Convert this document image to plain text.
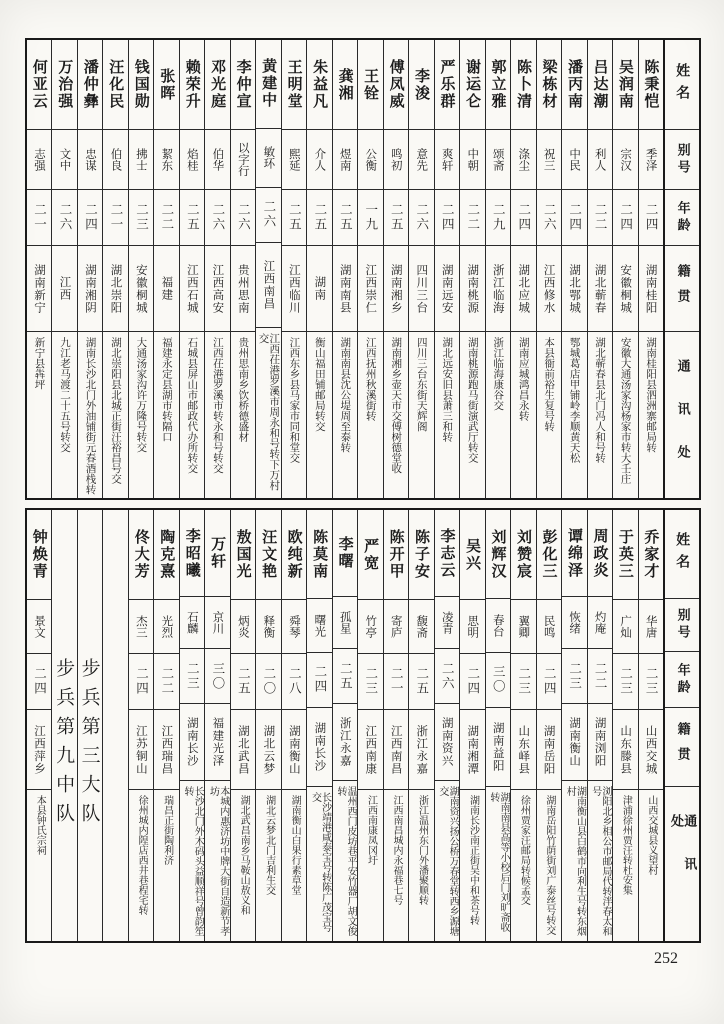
姓名
别号
年龄
籍贯
通讯处
陈秉恺
季泽
二四
湖南桂阳
湖南桂阳县泗洲寨邮局转
吴润南
宗汉
二四
安徽桐城
安徽大通汤家沟杨家市转大壬庄
吕达潮
利人
二二
湖北蕲春
湖北蕲春县北门冯人和号转
潘丙南
中民
二四
湖北鄂城
鄂城葛店甲铺岭李顺黄天松
梁栋材
祝三
二六
江西修水
本县衙前裕生复号转
陈卜清
涤尘
二四
湖北应城
湖南应城鸿昌永转
郭立雅
颂斋
二九
浙江临海
浙江临海康谷交
谢运仑
中朝
二二
湖南桃源
湖南桃源跑马街演武厅转交
严乐群
爽轩
二四
湖南远安
湖北远安旧县萧三和转
李浚
意先
二六
四川三台
四川三台东街天辉阁
傅凤威
鸣初
二五
湖南湘乡
湖南湘乡壶天市交傅树德堂收
王铨
公衡
一九
江西崇仁
江西抚州秋溪街转
龚湘
煜南
二五
湖南南县
湖南南县沈公堤周至泰转
朱益凡
介人
二五
湖南
衡山福田铺邮局转交
王明堂
熙延
二五
江西临川
江西东乡县马家市同和堂交
黄建中
敏环
二六
江西南昌
江西茌港罗溪市周永和号转下万村交
李仲宣
以字行
二六
贵州思南
贵州思南乡饮桥德盛材
邓光庭
伯华
二六
江西高安
江西茌港罗溪市转永和号转交
赖荣升
焰桂
二五
江西石城
石城县屏山市邮政代办所转交
张晖
絜东
二二
福建
福建永定县湖市转隔口
钱国勋
拂士
二三
安徽桐城
大通汤家沟许万隆号转交
汪化民
伯良
二一
湖北崇阳
湖北崇阳县北城正街汪裕昌号交
潘仲彝
忠谋
二四
湖南湘阴
湖南长沙北门外油铺街元春酒栈转
万治强
文中
二六
江西
九江老马渡二十五号转交
何亚云
志强
二一
湖南新宁
新宁县犇坪
姓名
别号
年龄
籍贯
通讯处
乔家才
华唐
二三
山西交城
山西交城县义望村
于英三
广灿
二三
山东滕县
津浦徐州贾汪转杜安集
周政炎
灼庵
二二
湖南浏阳
浏阳北乡相公市邮局代转泮春太和号
谭绵泽
恢绪
二三
湖南衡山
湖南衡山县白鹤市向利生号转东烟村
彭化三
民鸣
二四
湖南岳阳
湖南岳阳竹荫街刘广泰丝号转交
刘赞宸
翼卿
二三
山东峄县
徐州贾家汪邮局转候孟交
刘辉汉
春台
三〇
湖南益阳
湖南南县高等小校后门刘旷斋收转
吴兴
思明
二四
湖南湘潭
湖南长沙南正街吴中和茶号转
李志云
凌青
二六
湖南资兴
湖南资兴扬公桥万春堂转西乡源塘交
陈子安
馥斋
二五
浙江永嘉
浙江温州东门外潘聚顺转
陈开甲
寄庐
二一
江西南昌
江西南昌城内永福巷七号
严宽
竹亭
二三
江西南康
江西南康凤冈圩
李曙
孤星
二五
浙江永嘉
温州西门皮坊巷平安竹器厂胡文俊转
陈莫南
曙光
二四
湖南长沙
长沙靖港咸泰宝号转陈广茂宝号交
欧纯新
舜琴
二八
湖南衡山
湖南衡山白果行素草堂
汪文艳
释衡
二〇
湖北云梦
湖北云梦北门吉利生交
敖国光
炳炎
二五
湖北武昌
湖北武昌南乡马鞍山敖义和
万轩
京川
三〇
福建光泽
本城内惠济坊中牌大街自造新节孝坊
李昭曦
石麟
二三
湖南长沙
长沙北门外木码头益顺祥号曾韵笙转
陶克熹
光烈
二二
江西瑞昌
瑞昌正街陶利济
佟大芳
杰三
二四
江苏铜山
徐州城内隍店西井巷程宅转
步兵第三大队
步兵第九中队
钟焕青
景文
二四
江西萍乡
本县钟氏宗祠
252
